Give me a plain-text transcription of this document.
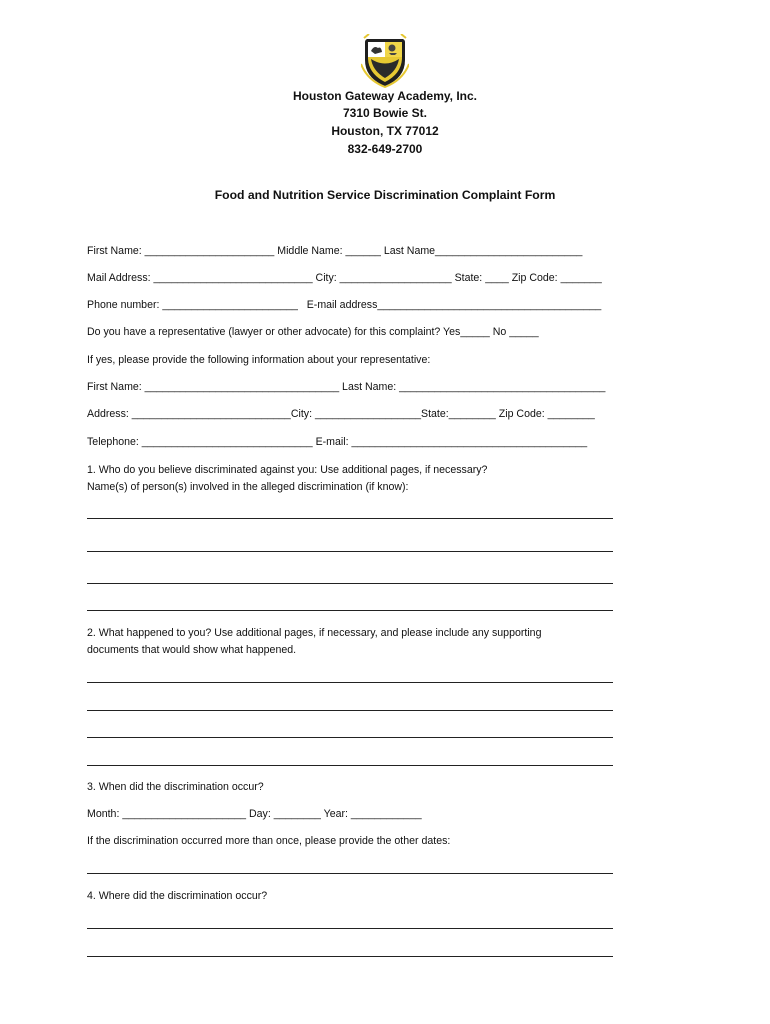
Houston Gateway Academy, Inc.
7310 Bowie St.
Houston, TX 77012
832-649-2700
Food and Nutrition Service Discrimination Complaint Form
First Name: ______________________ Middle Name: ______ Last Name_________________________
Mail Address: ___________________________ City: ___________________ State: ____ Zip Code: _______
Phone number: _______________________   E-mail address______________________________________
Do you have a representative (lawyer or other advocate) for this complaint? Yes_____ No _____
If yes, please provide the following information about your representative:
First Name: _________________________________ Last Name: ___________________________________
Address: ___________________________City: __________________State:________ Zip Code: ________
Telephone: _____________________________ E-mail: ________________________________________
1. Who do you believe discriminated against you: Use additional pages, if necessary?
Name(s) of person(s) involved in the alleged discrimination (if know):
2. What happened to you? Use additional pages, if necessary, and please include any supporting
documents that would show what happened.
3. When did the discrimination occur?
Month: _____________________ Day: ________ Year: ____________
If the discrimination occurred more than once, please provide the other dates:
4. Where did the discrimination occur?
